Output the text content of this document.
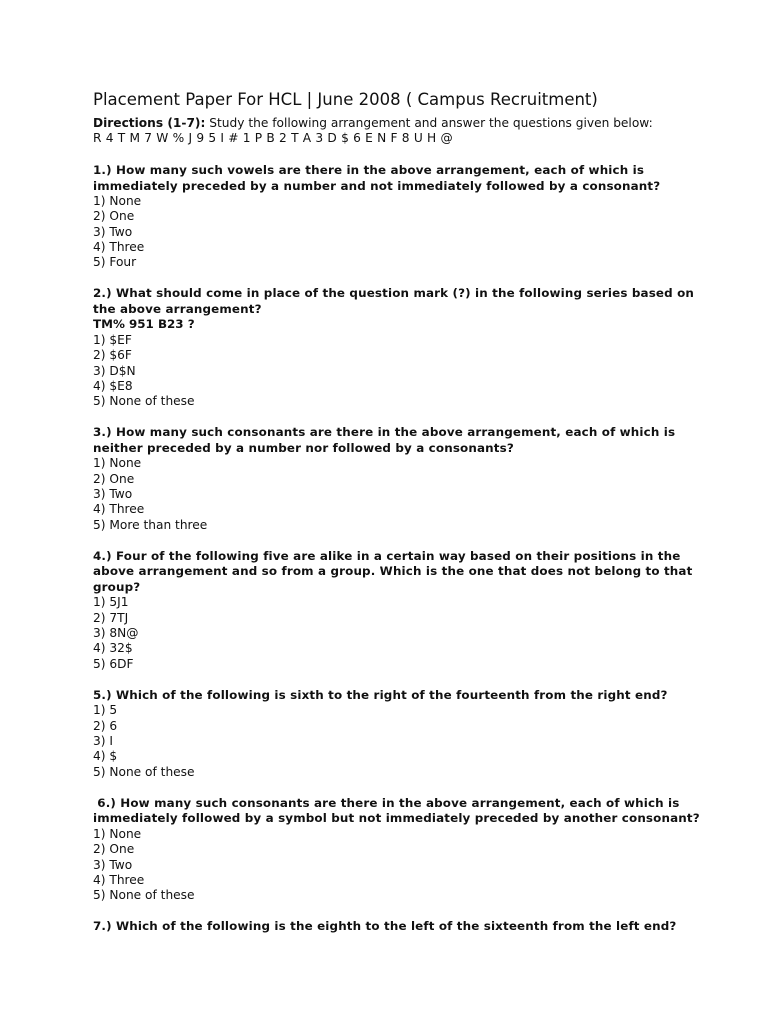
Placement Paper For HCL | June 2008 ( Campus Recruitment)
Directions (1-7): Study the following arrangement and answer the questions given below:
R 4 T M 7 W % J 9 5 I # 1 P B 2 T A 3 D $ 6 E N F 8 U H @
1.) How many such vowels are there in the above arrangement, each of which is immediately preceded by a number and not immediately followed by a consonant?
1) None
2) One
3) Two
4) Three
5) Four
2.) What should come in place of the question mark (?) in the following series based on the above arrangement?
TM% 951 B23 ?
1) $EF
2) $6F
3) D$N
4) $E8
5) None of these
3.) How many such consonants are there in the above arrangement, each of which is neither preceded by a number nor followed by a consonants?
1) None
2) One
3) Two
4) Three
5) More than three
4.) Four of the following five are alike in a certain way based on their positions in the above arrangement and so from a group. Which is the one that does not belong to that group?
1) 5J1
2) 7TJ
3) 8N@
4) 32$
5) 6DF
5.) Which of the following is sixth to the right of the fourteenth from the right end?
1) 5
2) 6
3) I
4) $
5) None of these
6.) How many such consonants are there in the above arrangement, each of which is immediately followed by a symbol but not immediately preceded by another consonant?
1) None
2) One
3) Two
4) Three
5) None of these
7.) Which of the following is the eighth to the left of the sixteenth from the left end?
